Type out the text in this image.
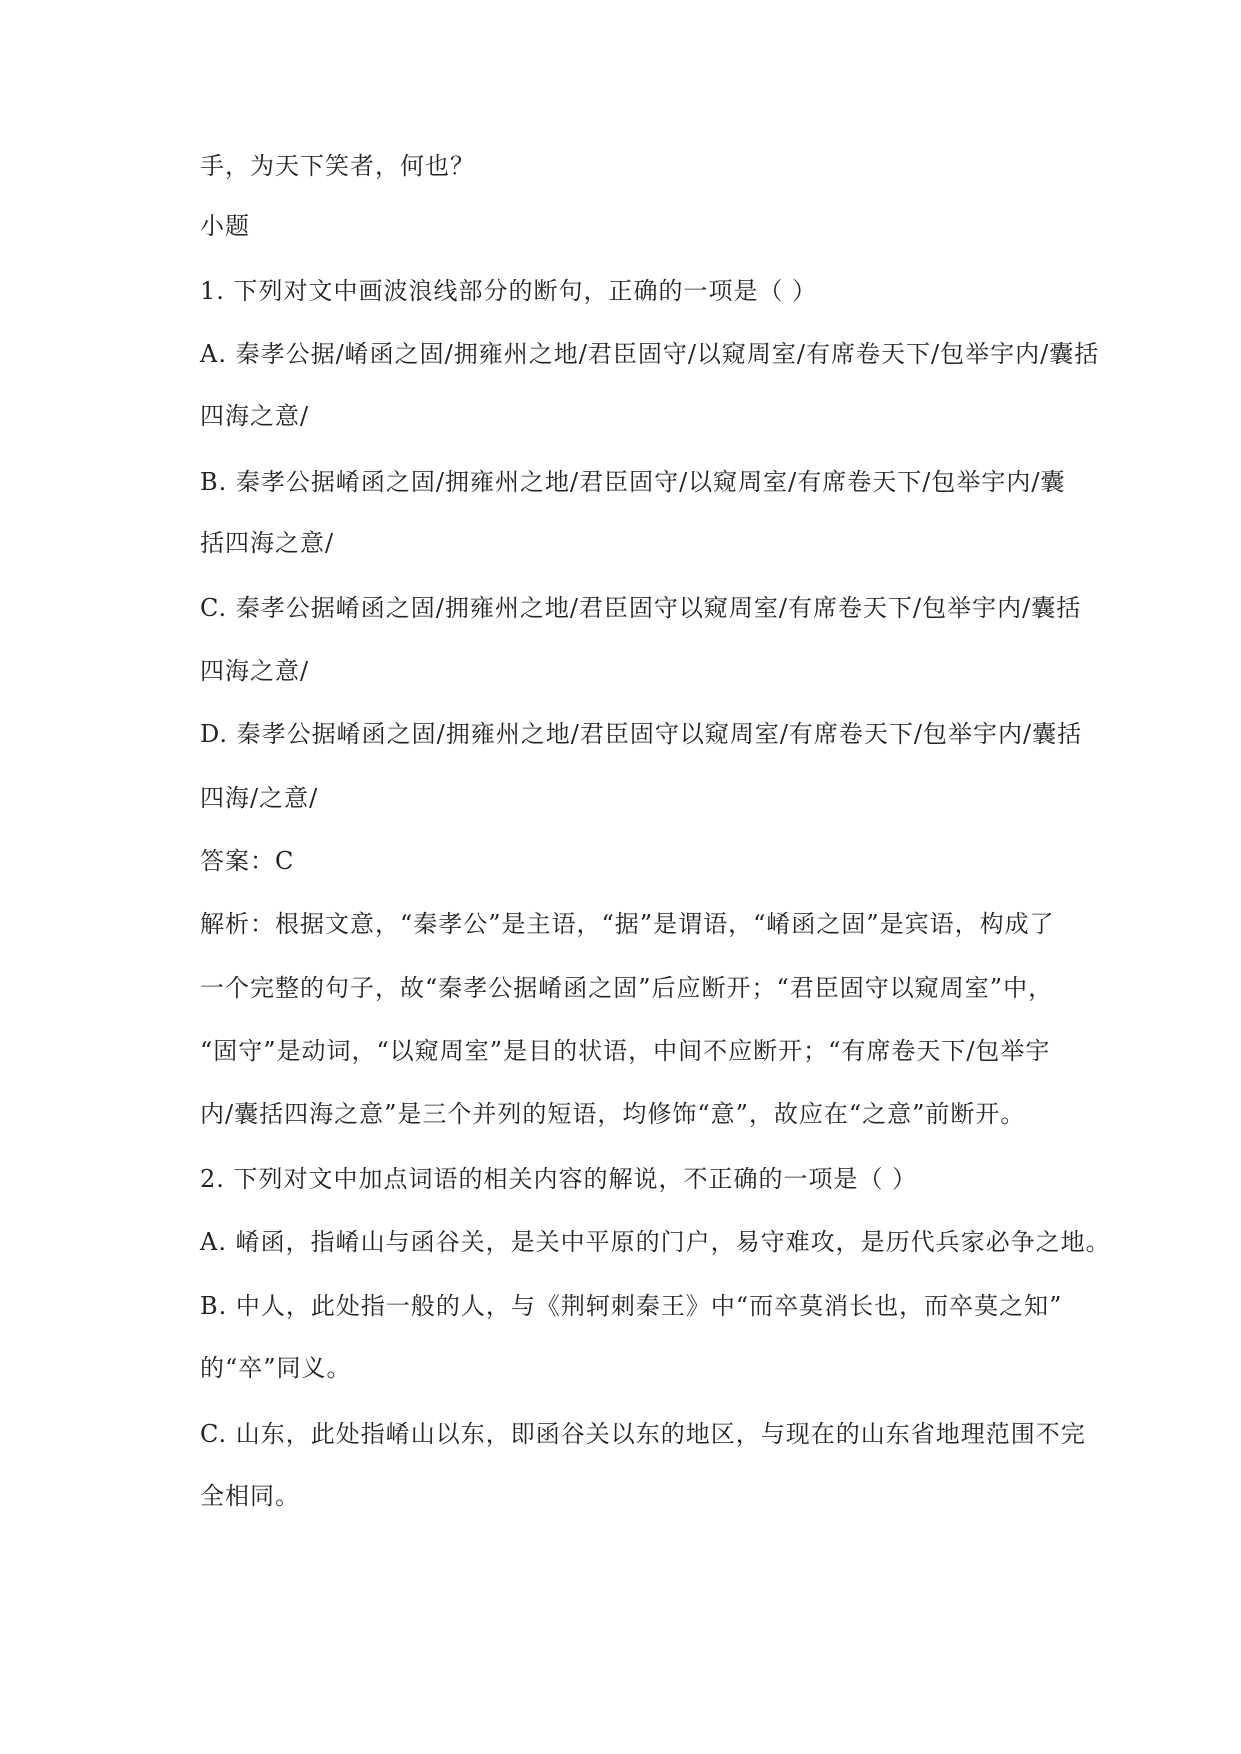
手，为天下笑者，何也？
小题
1. 下列对文中画波浪线部分的断句，正确的一项是（ ）
A. 秦孝公据/崤函之固/拥雍州之地/君臣固守/以窥周室/有席卷天下/包举宇内/囊括
四海之意/
B. 秦孝公据崤函之固/拥雍州之地/君臣固守/以窥周室/有席卷天下/包举宇内/囊
括四海之意/
C. 秦孝公据崤函之固/拥雍州之地/君臣固守以窥周室/有席卷天下/包举宇内/囊括
四海之意/
D. 秦孝公据崤函之固/拥雍州之地/君臣固守以窥周室/有席卷天下/包举宇内/囊括
四海/之意/
答案：C
解析：根据文意，“秦孝公”是主语，“据”是谓语，“崤函之固”是宾语，构成了
一个完整的句子，故“秦孝公据崤函之固”后应断开；“君臣固守以窥周室”中，
“固守”是动词，“以窥周室”是目的状语，中间不应断开；“有席卷天下/包举宇
内/囊括四海之意”是三个并列的短语，均修饰“意”，故应在“之意”前断开。
2. 下列对文中加点词语的相关内容的解说，不正确的一项是（ ）
A. 崤函，指崤山与函谷关，是关中平原的门户，易守难攻，是历代兵家必争之地。
B. 中人，此处指一般的人，与《荆轲刺秦王》中“而卒莫消长也，而卒莫之知”
的“卒”同义。
C. 山东，此处指崤山以东，即函谷关以东的地区，与现在的山东省地理范围不完
全相同。
